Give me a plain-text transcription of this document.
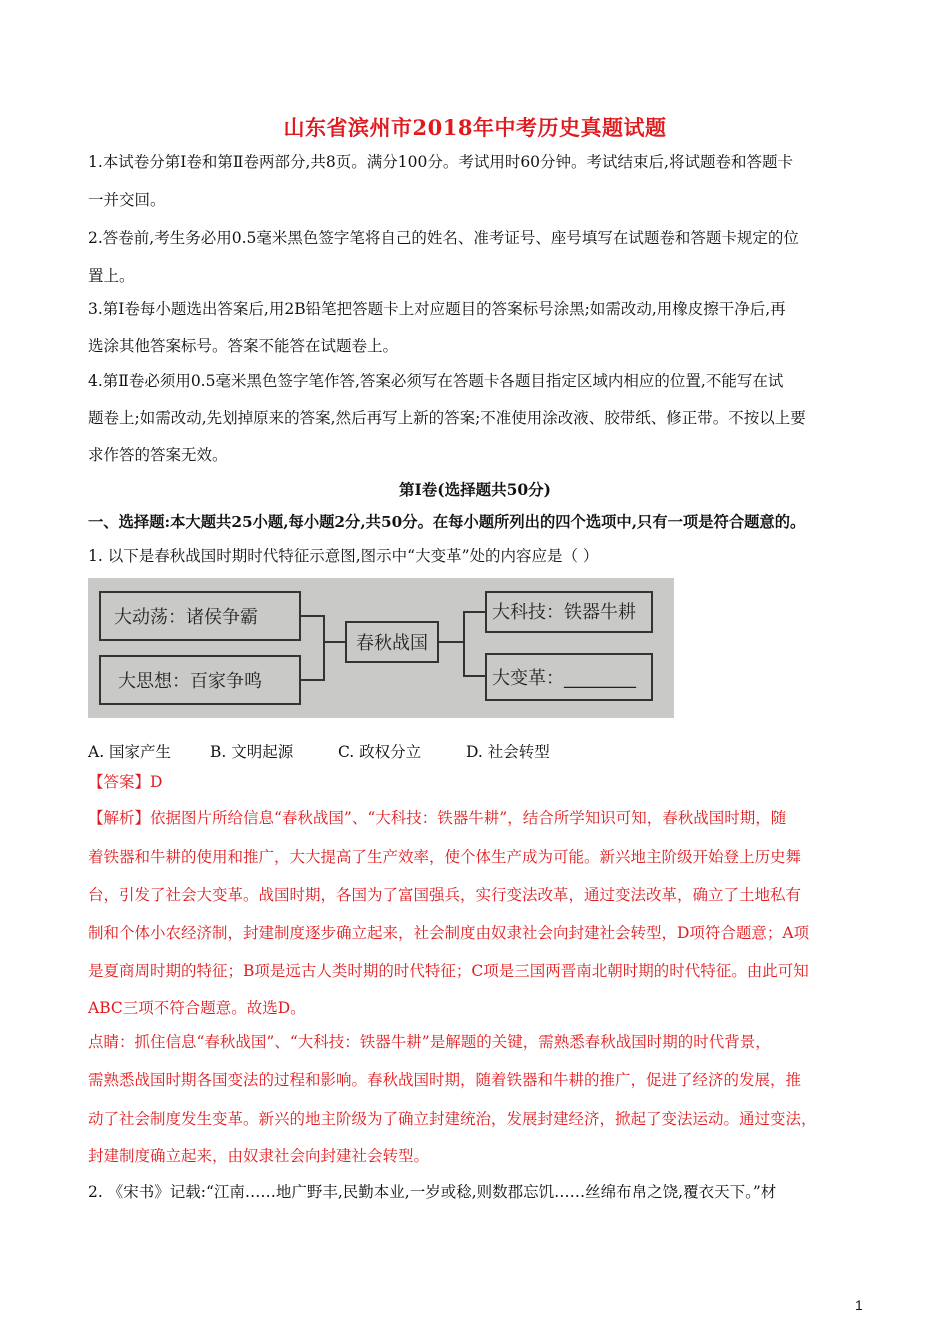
山东省滨州市2018年中考历史真题试题
1.本试卷分第Ⅰ卷和第Ⅱ卷两部分,共8页。满分100分。考试用时60分钟。考试结束后,将试题卷和答题卡
一并交回。
2.答卷前,考生务必用0.5毫米黑色签字笔将自己的姓名、准考证号、座号填写在试题卷和答题卡规定的位
置上。
3.第Ⅰ卷每小题选出答案后,用2B铅笔把答题卡上对应题目的答案标号涂黑;如需改动,用橡皮擦干净后,再
选涂其他答案标号。答案不能答在试题卷上。
4.第Ⅱ卷必须用0.5毫米黑色签字笔作答,答案必须写在答题卡各题目指定区域内相应的位置,不能写在试
题卷上;如需改动,先划掉原来的答案,然后再写上新的答案;不准使用涂改液、胶带纸、修正带。不按以上要
求作答的答案无效。
第Ⅰ卷(选择题共50分)
一、选择题:本大题共25小题,每小题2分,共50分。在每小题所列出的四个选项中,只有一项是符合题意的。
1. 以下是春秋战国时期时代特征示意图,图示中“大变革”处的内容应是（ ）
大动荡：诸侯争霸
大思想：百家争鸣
春秋战国
大科技：铁器牛耕
大变革：________
A. 国家产生	B. 文明起源	C. 政权分立	D. 社会转型
【答案】D
【解析】依据图片所给信息“春秋战国”、“大科技：铁器牛耕”，结合所学知识可知，春秋战国时期，随
着铁器和牛耕的使用和推广，大大提高了生产效率，使个体生产成为可能。新兴地主阶级开始登上历史舞
台，引发了社会大变革。战国时期，各国为了富国强兵，实行变法改革，通过变法改革，确立了土地私有
制和个体小农经济制，封建制度逐步确立起来，社会制度由奴隶社会向封建社会转型，D项符合题意；A项
是夏商周时期的特征；B项是远古人类时期的时代特征；C项是三国两晋南北朝时期的时代特征。由此可知
ABC三项不符合题意。故选D。
点睛：抓住信息“春秋战国”、“大科技：铁器牛耕”是解题的关键，需熟悉春秋战国时期的时代背景，
需熟悉战国时期各国变法的过程和影响。春秋战国时期，随着铁器和牛耕的推广，促进了经济的发展，推
动了社会制度发生变革。新兴的地主阶级为了确立封建统治，发展封建经济，掀起了变法运动。通过变法，
封建制度确立起来，由奴隶社会向封建社会转型。
2. 《宋书》记载:“江南……地广野丰,民勤本业,一岁或稔,则数郡忘饥……丝绵布帛之饶,覆衣天下。”材
1
